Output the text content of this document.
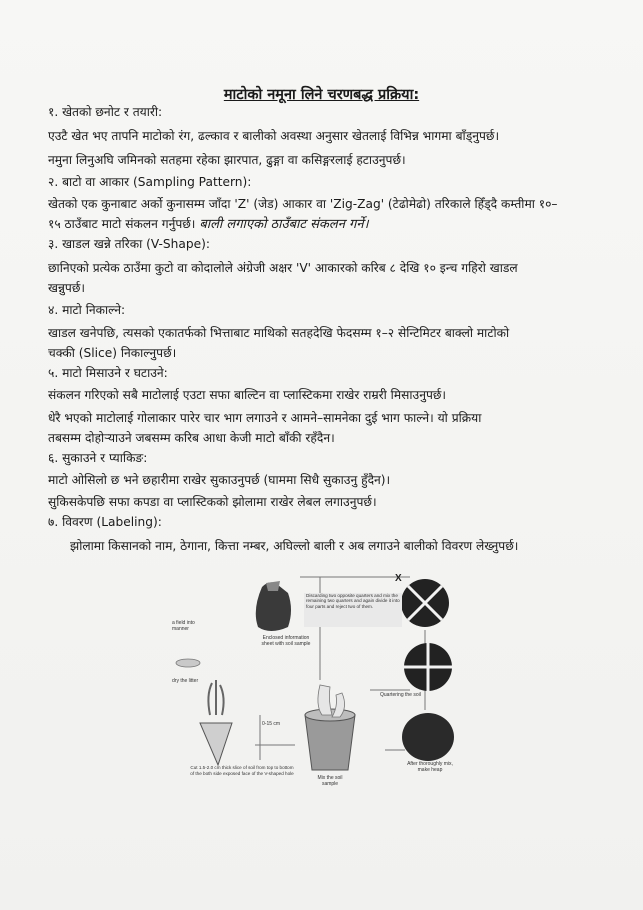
माटोको नमूना लिने चरणबद्ध प्रक्रिया:
१. खेतको छनोट र तयारी:
एउटै खेत भए तापनि माटोको रंग, ढल्काव र बालीको अवस्था अनुसार खेतलाई विभिन्न भागमा बाँड्नुपर्छ।
नमुना लिनुअघि जमिनको सतहमा रहेका झारपात, ढुङ्गा वा कसिङ्गरलाई हटाउनुपर्छ।
२. बाटो वा आकार (Sampling Pattern):
खेतको एक कुनाबाट अर्को कुनासम्म जाँदा 'Z' (जेड) आकार वा 'Zig-Zag' (टेढोमेढो) तरिकाले हिँड्दै कम्तीमा १०–
१५ ठाउँबाट माटो संकलन गर्नुपर्छ। बाली लगाएको ठाउँबाट संकलन गर्ने।
३. खाडल खन्ने तरिका (V-Shape):
छानिएको प्रत्येक ठाउँमा कुटो वा कोदालोले अंग्रेजी अक्षर 'V' आकारको करिब ८ देखि १० इन्च गहिरो खाडल
खन्नुपर्छ।
४. माटो निकाल्ने:
खाडल खनेपछि, त्यसको एकातर्फको भित्ताबाट माथिको सतहदेखि फेदसम्म १–२ सेन्टिमिटर बाक्लो माटोको
चक्की (Slice) निकाल्नुपर्छ।
५. माटो मिसाउने र घटाउने:
संकलन गरिएको सबै माटोलाई एउटा सफा बाल्टिन वा प्लास्टिकमा राखेर राम्ररी मिसाउनुपर्छ।
धेरै भएको माटोलाई गोलाकार पारेर चार भाग लगाउने र आमने–सामनेका दुई भाग फाल्ने। यो प्रक्रिया
तबसम्म दोहोऱ्याउने जबसम्म करिब आधा केजी माटो बाँकी रहँदैन।
६. सुकाउने र प्याकिङ:
माटो ओसिलो छ भने छहारीमा राखेर सुकाउनुपर्छ (घाममा सिधै सुकाउनु हुँदैन)।
सुकिसकेपछि सफा कपडा वा प्लास्टिकको झोलामा राखेर लेबल लगाउनुपर्छ।
७. विवरण (Labeling):
झोलामा किसानको नाम, ठेगाना, कित्ता नम्बर, अघिल्लो बाली र अब लगाउने बालीको विवरण लेख्नुपर्छ।
Discarding two opposite quarters and mix the remaining two quarters and again divide it into four parts and reject two of them.
Enclosed information sheet with soil sample
a field into manner
dry the litter
Quartering the soil
After thoroughly mix, make heap
Cut 1.5-2.0 cm thick slice of soil from top to bottom of the both side exposed face of the V-shaped hole
Mix the soil sample
0-15 cm
X
